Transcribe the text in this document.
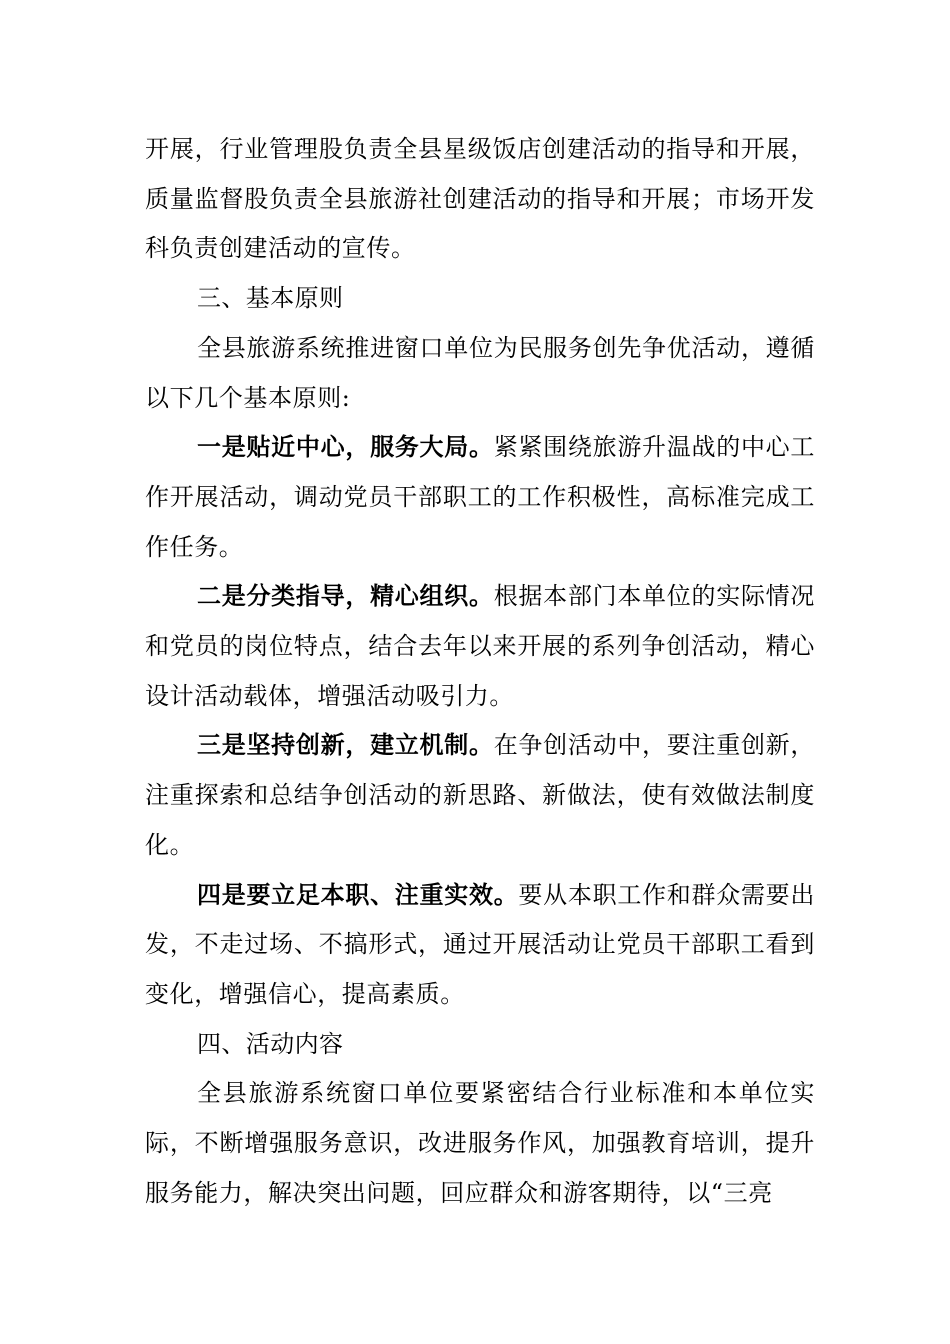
开展，行业管理股负责全县星级饭店创建活动的指导和开展，质量监督股负责全县旅游社创建活动的指导和开展；市场开发科负责创建活动的宣传。

三、基本原则

全县旅游系统推进窗口单位为民服务创先争优活动，遵循以下几个基本原则:

一是贴近中心，服务大局。紧紧围绕旅游升温战的中心工作开展活动，调动党员干部职工的工作积极性，高标准完成工作任务。

二是分类指导，精心组织。根据本部门本单位的实际情况和党员的岗位特点，结合去年以来开展的系列争创活动，精心设计活动载体，增强活动吸引力。

三是坚持创新，建立机制。在争创活动中，要注重创新，注重探索和总结争创活动的新思路、新做法，使有效做法制度化。

四是要立足本职、注重实效。要从本职工作和群众需要出发，不走过场、不搞形式，通过开展活动让党员干部职工看到变化，增强信心，提高素质。

四、活动内容

全县旅游系统窗口单位要紧密结合行业标准和本单位实际，不断增强服务意识，改进服务作风，加强教育培训，提升服务能力，解决突出问题，回应群众和游客期待，以“三亮
